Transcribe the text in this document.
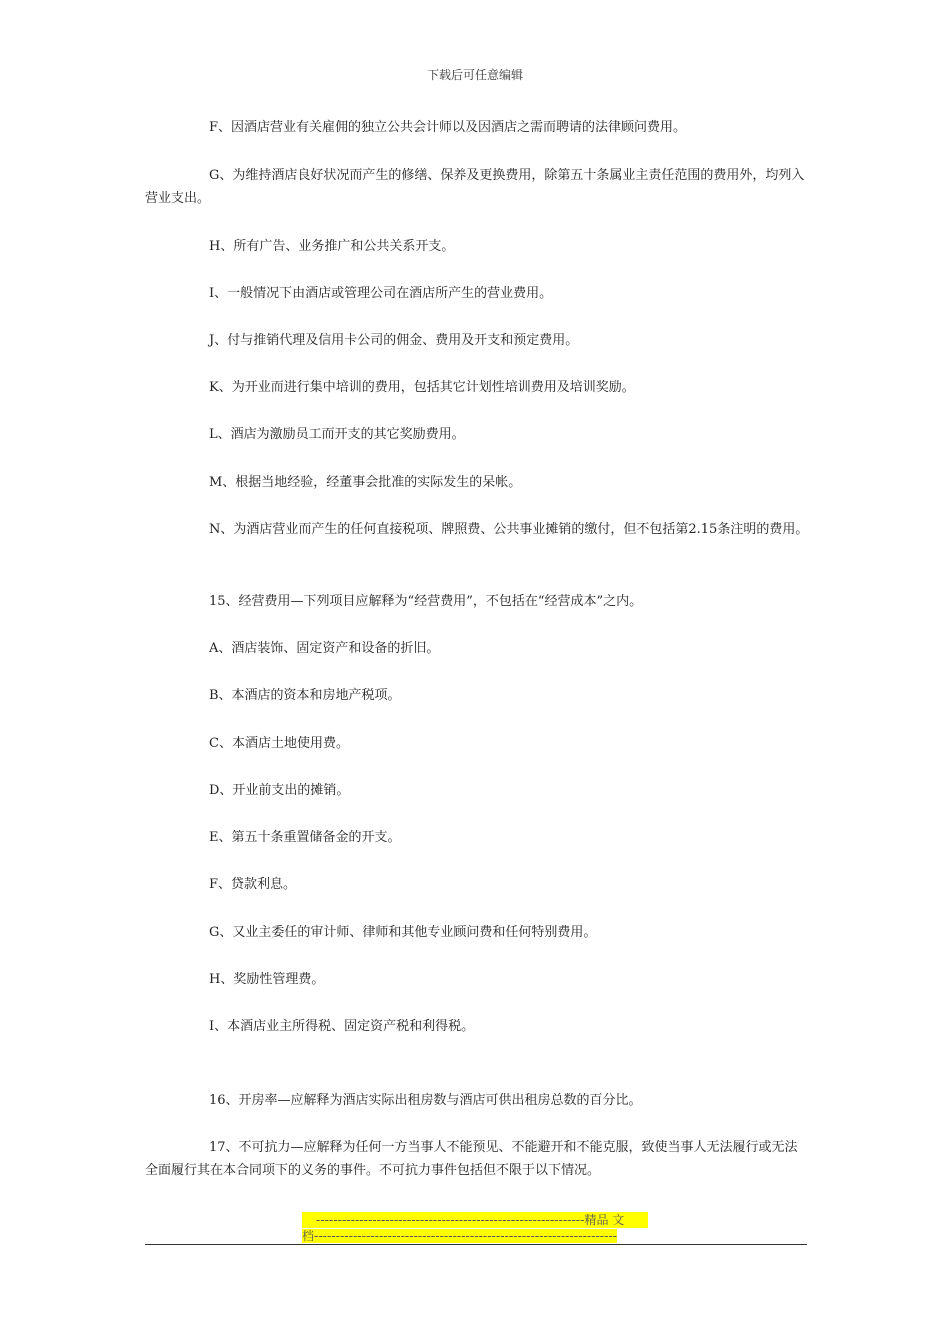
下载后可任意编辑
F、因酒店营业有关雇佣的独立公共会计师以及因酒店之需而聘请的法律顾问费用。
G、为维持酒店良好状况而产生的修缮、保养及更换费用，除第五十条属业主责任范围的费用外，均列入营业支出。
H、所有广告、业务推广和公共关系开支。
I、一般情况下由酒店或管理公司在酒店所产生的营业费用。
J、付与推销代理及信用卡公司的佣金、费用及开支和预定费用。
K、为开业而进行集中培训的费用，包括其它计划性培训费用及培训奖励。
L、酒店为激励员工而开支的其它奖励费用。
M、根据当地经验，经董事会批准的实际发生的呆帐。
N、为酒店营业而产生的任何直接税项、牌照费、公共事业摊销的缴付，但不包括第2.15条注明的费用。
15、经营费用—下列项目应解释为“经营费用”，不包括在“经营成本”之内。
A、酒店装饰、固定资产和设备的折旧。
B、本酒店的资本和房地产税项。
C、本酒店土地使用费。
D、开业前支出的摊销。
E、第五十条重置储备金的开支。
F、贷款利息。
G、又业主委任的审计师、律师和其他专业顾问费和任何特别费用。
H、奖励性管理费。
I、本酒店业主所得税、固定资产税和利得税。
16、开房率—应解释为酒店实际出租房数与酒店可供出租房总数的百分比。
17、不可抗力—应解释为任何一方当事人不能预见、不能避开和不能克服，致使当事人无法履行或无法全面履行其在本合同项下的义务的事件。不可抗力事件包括但不限于以下情况。
--------------------------------------------------------------精品 文
档----------------------------------------------------------------------
